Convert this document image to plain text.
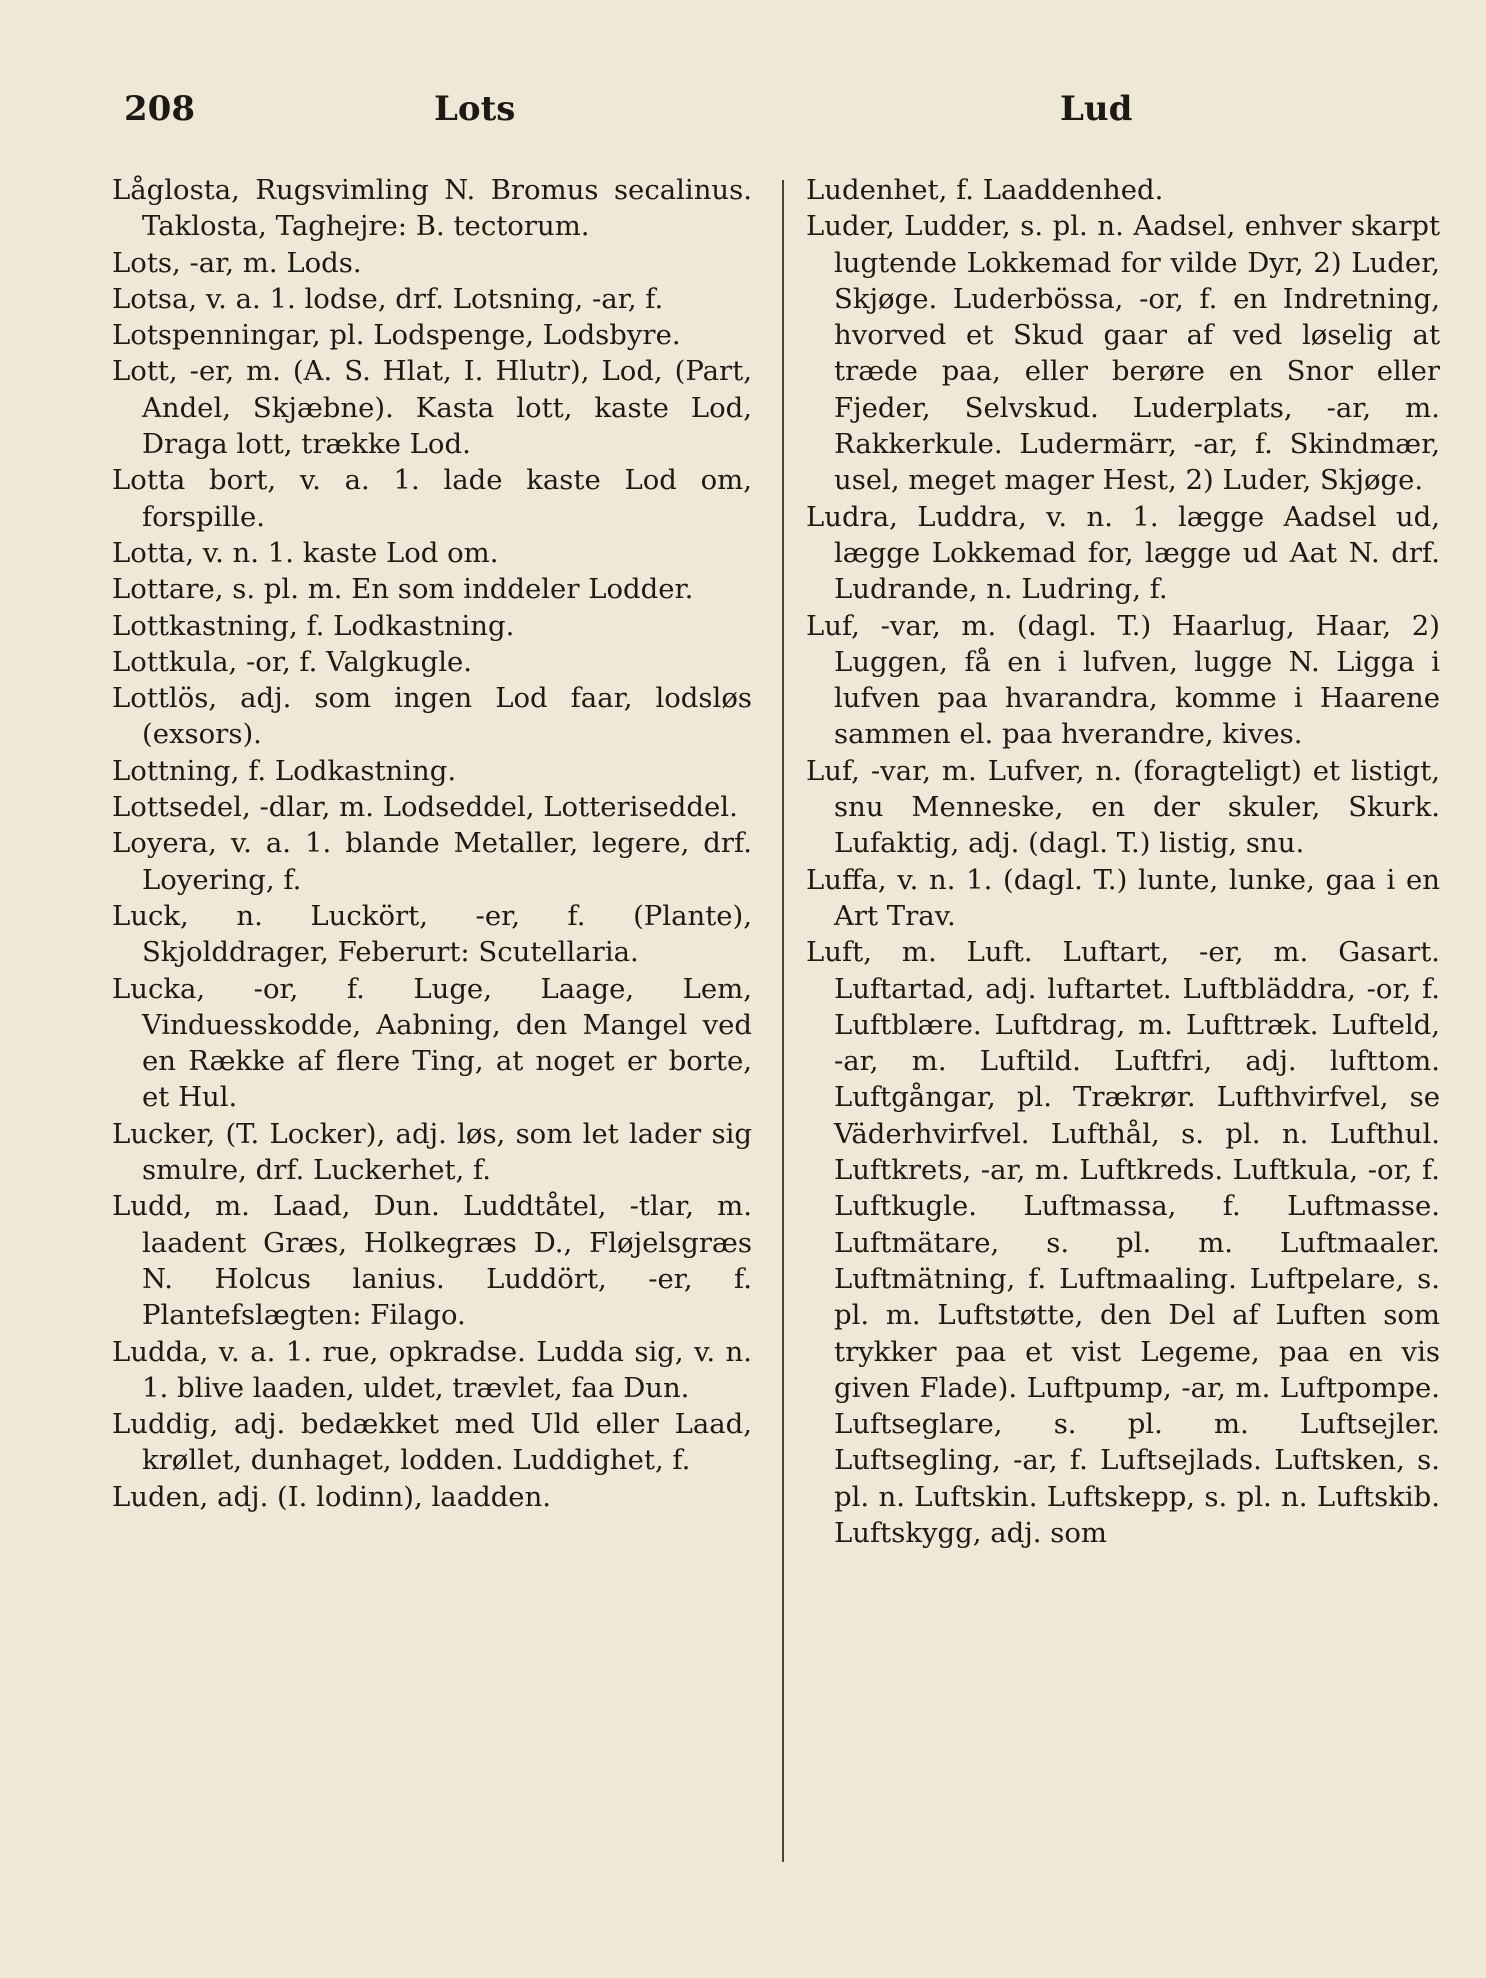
208	Lots	Lud

Låglosta, Rugsvimling N. Bromus secalinus. Taklosta, Taghejre: B. tectorum.

Lots, -ar, m. Lods.

Lotsa, v. a. 1. lodse, drf. Lotsning, -ar, f.

Lotspenningar, pl. Lodspenge, Lodsbyre.

Lott, -er, m. (A. S. Hlat, I. Hlutr), Lod, (Part, Andel, Skjæbne). Kasta lott, kaste Lod, Draga lott, trække Lod.

Lotta bort, v. a. 1. lade kaste Lod om, forspille.

Lotta, v. n. 1. kaste Lod om.

Lottare, s. pl. m. En som inddeler Lodder.

Lottkastning, f. Lodkastning.

Lottkula, -or, f. Valgkugle.

Lottlös, adj. som ingen Lod faar, lodsløs (exsors).

Lottning, f. Lodkastning.

Lottsedel, -dlar, m. Lodseddel, Lotteriseddel.

Loyera, v. a. 1. blande Metaller, legere, drf. Loyering, f.

Luck, n. Luckört, -er, f. (Plante), Skjolddrager, Feberurt: Scutellaria.

Lucka, -or, f. Luge, Laage, Lem, Vinduesskodde, Aabning, den Mangel ved en Række af flere Ting, at noget er borte, et Hul.

Lucker, (T. Locker), adj. løs, som let lader sig smulre, drf. Luckerhet, f.

Ludd, m. Laad, Dun. Luddtåtel, -tlar, m. laadent Græs, Holkegræs D., Fløjelsgræs N. Holcus lanius. Luddört, -er, f. Plantefslægten: Filago.

Ludda, v. a. 1. rue, opkradse. Ludda sig, v. n. 1. blive laaden, uldet, trævlet, faa Dun.

Luddig, adj. bedækket med Uld eller Laad, krøllet, dunhaget, lodden. Luddighet, f.

Luden, adj. (I. lodinn), laadden.

Ludenhet, f. Laaddenhed.

Luder, Ludder, s. pl. n. Aadsel, enhver skarpt lugtende Lokkemad for vilde Dyr, 2) Luder, Skjøge. Luderbössa, -or, f. en Indretning, hvorved et Skud gaar af ved løselig at træde paa, eller berøre en Snor eller Fjeder, Selvskud. Luderplats, -ar, m. Rakkerkule. Ludermärr, -ar, f. Skindmær, usel, meget mager Hest, 2) Luder, Skjøge.

Ludra, Luddra, v. n. 1. lægge Aadsel ud, lægge Lokkemad for, lægge ud Aat N. drf. Ludrande, n. Ludring, f.

Luf, -var, m. (dagl. T.) Haarlug, Haar, 2) Luggen, få en i lufven, lugge N. Ligga i lufven paa hvarandra, komme i Haarene sammen el. paa hverandre, kives.

Luf, -var, m. Lufver, n. (foragteligt) et listigt, snu Menneske, en der skuler, Skurk. Lufaktig, adj. (dagl. T.) listig, snu.

Luffa, v. n. 1. (dagl. T.) lunte, lunke, gaa i en Art Trav.

Luft, m. Luft. Luftart, -er, m. Gasart. Luftartad, adj. luftartet. Luftbläddra, -or, f. Luftblære. Luftdrag, m. Lufttræk. Lufteld, -ar, m. Luftild. Luftfri, adj. lufttom. Luftgångar, pl. Trækrør. Lufthvirfvel, se Väderhvirfvel. Lufthål, s. pl. n. Lufthul. Luftkrets, -ar, m. Luftkreds. Luftkula, -or, f. Luftkugle. Luftmassa, f. Luftmasse. Luftmätare, s. pl. m. Luftmaaler. Luftmätning, f. Luftmaaling. Luftpelare, s. pl. m. Luftstøtte, den Del af Luften som trykker paa et vist Legeme, paa en vis given Flade). Luftpump, -ar, m. Luftpompe. Luftseglare, s. pl. m. Luftsejler. Luftsegling, -ar, f. Luftsejlads. Luftsken, s. pl. n. Luftskin. Luftskepp, s. pl. n. Luftskib. Luftskygg, adj. som
